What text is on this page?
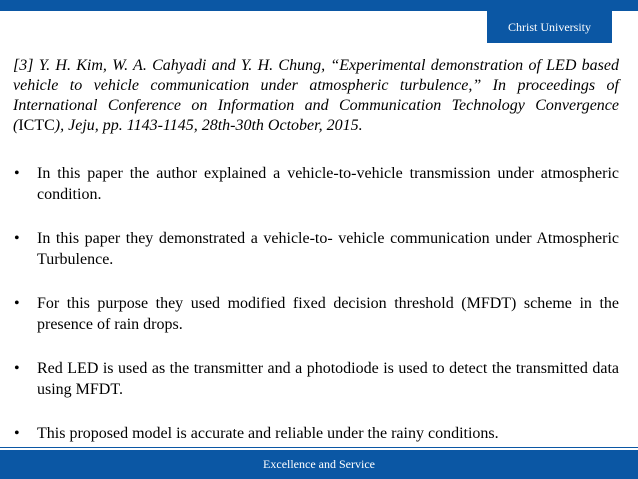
Christ University
[3] Y. H. Kim, W. A. Cahyadi and Y. H. Chung, “Experimental demonstration of LED based vehicle to vehicle communication under atmospheric turbulence,” In proceedings of International Conference on Information and Communication Technology Convergence (ICTC), Jeju, pp. 1143-1145, 28th-30th October, 2015.
• In this paper the author explained a vehicle-to-vehicle transmission under atmospheric condition.
• In this paper they demonstrated a vehicle-to- vehicle communication under Atmospheric Turbulence.
• For this purpose they used modified fixed decision threshold (MFDT) scheme in the presence of rain drops.
• Red LED is used as the transmitter and a photodiode is used to detect the transmitted data using MFDT.
• This proposed model is accurate and reliable under the rainy conditions.
Excellence and Service
